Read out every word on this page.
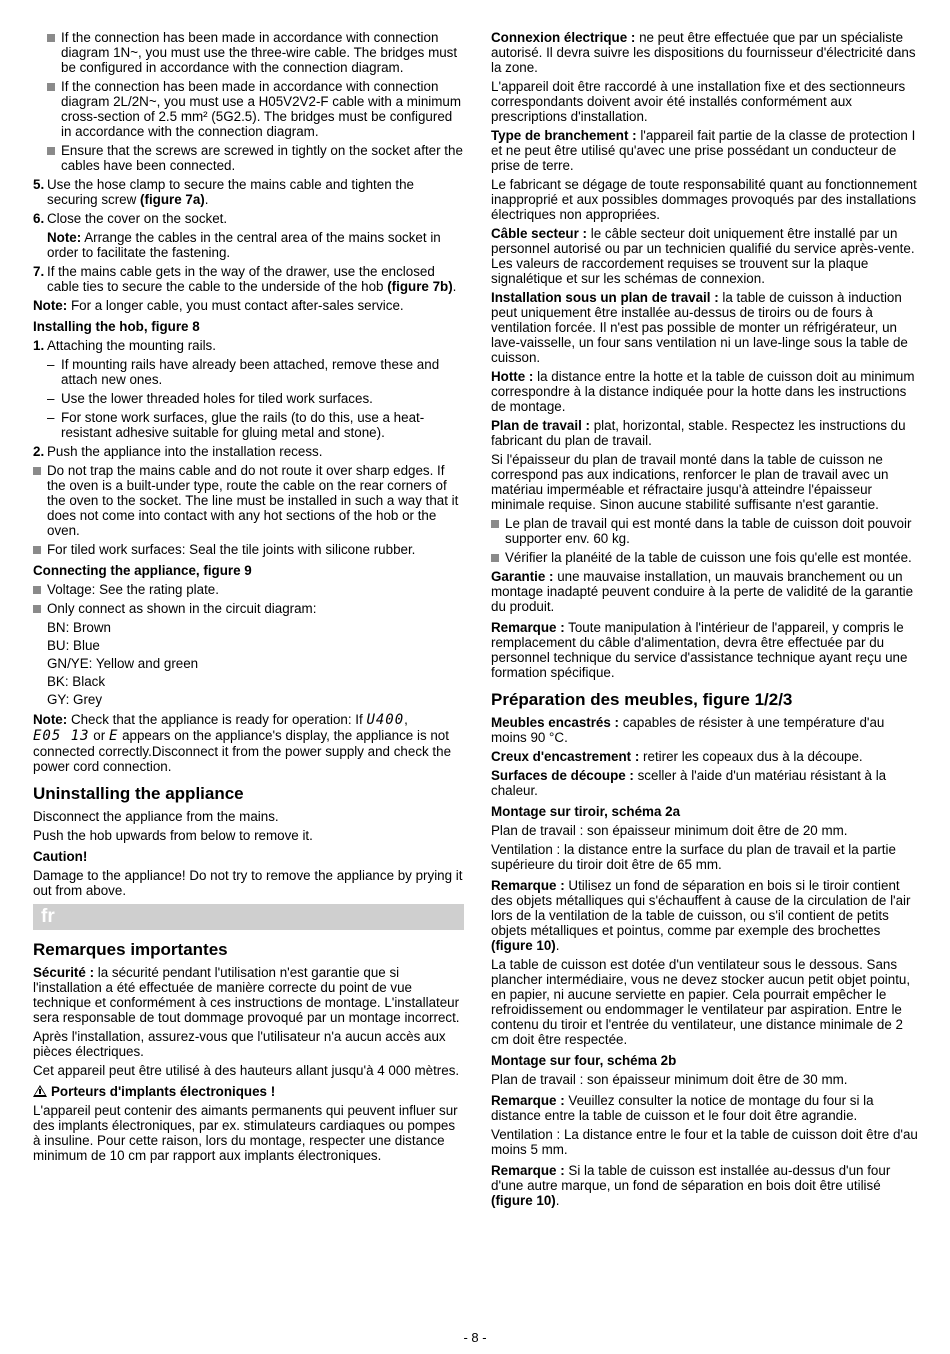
If the connection has been made in accordance with connection diagram 1N~, you must use the three-wire cable. The bridges must be configured in accordance with the connection diagram.
If the connection has been made in accordance with connection diagram 2L/2N~, you must use a H05V2V2-F cable with a minimum cross-section of 2.5 mm² (5G2.5). The bridges must be configured in accordance with the connection diagram.
Ensure that the screws are screwed in tightly on the socket after the cables have been connected.
5. Use the hose clamp to secure the mains cable and tighten the securing screw (figure 7a).
6. Close the cover on the socket.

Note: Arrange the cables in the central area of the mains socket in order to facilitate the fastening.

7. If the mains cable gets in the way of the drawer, use the enclosed cable ties to secure the cable to the underside of the hob (figure 7b).

Note: For a longer cable, you must contact after-sales service.

Installing the hob, figure 8
1. Attaching the mounting rails.
– If mounting rails have already been attached, remove these and attach new ones.
– Use the lower threaded holes for tiled work surfaces.
– For stone work surfaces, glue the rails (to do this, use a heat-resistant adhesive suitable for gluing metal and stone).
2. Push the appliance into the installation recess.
Do not trap the mains cable and do not route it over sharp edges. If the oven is a built-under type, route the cable on the rear corners of the oven to the socket. The line must be installed in such a way that it does not come into contact with any hot sections of the hob or the oven.
For tiled work surfaces: Seal the tile joints with silicone rubber.
Connecting the appliance, figure 9
Voltage: See the rating plate.
Only connect as shown in the circuit diagram:

BN: Brown

BU: Blue

GN/YE: Yellow and green

BK: Black

GY: Grey

Note: Check that the appliance is ready for operation: If U400,
E05 13 or E appears on the appliance's display, the appliance is not connected correctly.Disconnect it from the power supply and check the power cord connection.

Uninstalling the appliance

Disconnect the appliance from the mains.

Push the hob upwards from below to remove it.

Caution!

Damage to the appliance! Do not try to remove the appliance by prying it out from above.

fr
Remarques importantes

Sécurité : la sécurité pendant l'utilisation n'est garantie que si l'installation a été effectuée de manière correcte du point de vue technique et conformément à ces instructions de montage. L'installateur sera responsable de tout dommage provoqué par un montage incorrect.

Après l'installation, assurez-vous que l'utilisateur n'a aucun accès aux pièces électriques.

Cet appareil peut être utilisé à des hauteurs allant jusqu'à 4 000 mètres.

Porteurs d'implants électroniques !

L'appareil peut contenir des aimants permanents qui peuvent influer sur des implants électroniques, par ex. stimulateurs cardiaques ou pompes à insuline. Pour cette raison, lors du montage, respecter une distance minimum de 10 cm par rapport aux implants électroniques.

Connexion électrique : ne peut être effectuée que par un spécialiste autorisé. Il devra suivre les dispositions du fournisseur d'électricité dans la zone.

L'appareil doit être raccordé à une installation fixe et des sectionneurs correspondants doivent avoir été installés conformément aux prescriptions d'installation.

Type de branchement : l'appareil fait partie de la classe de protection I et ne peut être utilisé qu'avec une prise possédant un conducteur de prise de terre.

Le fabricant se dégage de toute responsabilité quant au fonctionnement inapproprié et aux possibles dommages provoqués par des installations électriques non appropriées.

Câble secteur : le câble secteur doit uniquement être installé par un personnel autorisé ou par un technicien qualifié du service après-vente. Les valeurs de raccordement requises se trouvent sur la plaque signalétique et sur les schémas de connexion.

Installation sous un plan de travail : la table de cuisson à induction peut uniquement être installée au-dessus de tiroirs ou de fours à ventilation forcée. Il n'est pas possible de monter un réfrigérateur, un lave-vaisselle, un four sans ventilation ni un lave-linge sous la table de cuisson.

Hotte : la distance entre la hotte et la table de cuisson doit au minimum correspondre à la distance indiquée pour la hotte dans les instructions de montage.

Plan de travail : plat, horizontal, stable. Respectez les instructions du fabricant du plan de travail.

Si l'épaisseur du plan de travail monté dans la table de cuisson ne correspond pas aux indications, renforcer le plan de travail avec un matériau imperméable et réfractaire jusqu'à atteindre l'épaisseur minimale requise. Sinon aucune stabilité suffisante n'est garantie.

Le plan de travail qui est monté dans la table de cuisson doit pouvoir supporter env. 60 kg.
Vérifier la planéité de la table de cuisson une fois qu'elle est montée.

Garantie : une mauvaise installation, un mauvais branchement ou un montage inadapté peuvent conduire à la perte de validité de la garantie du produit.

Remarque : Toute manipulation à l'intérieur de l'appareil, y compris le remplacement du câble d'alimentation, devra être effectuée par du personnel technique du service d'assistance technique ayant reçu une formation spécifique.

Préparation des meubles, figure 1/2/3

Meubles encastrés : capables de résister à une température d'au moins 90 °C.

Creux d'encastrement : retirer les copeaux dus à la découpe.

Surfaces de découpe : sceller à l'aide d'un matériau résistant à la chaleur.

Montage sur tiroir, schéma 2a

Plan de travail : son épaisseur minimum doit être de 20 mm.

Ventilation : la distance entre la surface du plan de travail et la partie supérieure du tiroir doit être de 65 mm.

Remarque : Utilisez un fond de séparation en bois si le tiroir contient des objets métalliques qui s'échauffent à cause de la circulation de l'air lors de la ventilation de la table de cuisson, ou s'il contient de petits objets métalliques et pointus, comme par exemple des brochettes (figure 10).

La table de cuisson est dotée d'un ventilateur sous le dessous. Sans plancher intermédiaire, vous ne devez stocker aucun petit objet pointu, en papier, ni aucune serviette en papier. Cela pourrait empêcher le refroidissement ou endommager le ventilateur par aspiration. Entre le contenu du tiroir et l'entrée du ventilateur, une distance minimale de 2 cm doit être respectée.

Montage sur four, schéma 2b

Plan de travail : son épaisseur minimum doit être de 30 mm.

Remarque : Veuillez consulter la notice de montage du four si la distance entre la table de cuisson et le four doit être agrandie.

Ventilation : La distance entre le four et la table de cuisson doit être d'au moins 5 mm.

Remarque : Si la table de cuisson est installée au-dessus d'un four d'une autre marque, un fond de séparation en bois doit être utilisé (figure 10).

- 8 -
